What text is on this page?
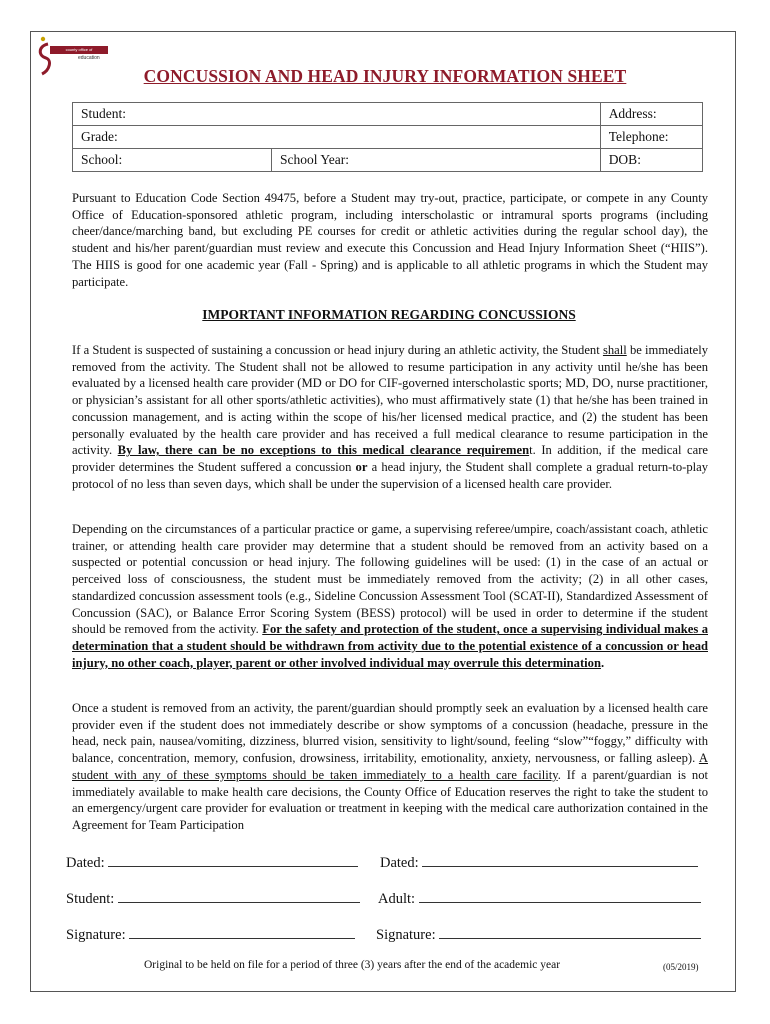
county office of
education
CONCUSSION AND HEAD INJURY INFORMATION SHEET
Student:		Address:
Grade:		Telephone:
School:	School Year:	DOB:

Pursuant to Education Code Section 49475, before a Student may try-out, practice, participate, or compete in any County Office of Education-sponsored athletic program, including interscholastic or intramural sports programs (including cheer/dance/marching band, but excluding PE courses for credit or athletic activities during the regular school day), the student and his/her parent/guardian must review and execute this Concussion and Head Injury Information Sheet (“HIIS”). The HIIS is good for one academic year (Fall - Spring) and is applicable to all athletic programs in which the Student may participate.

IMPORTANT INFORMATION REGARDING CONCUSSIONS

If a Student is suspected of sustaining a concussion or head injury during an athletic activity, the Student shall be immediately removed from the activity. The Student shall not be allowed to resume participation in any activity until he/she has been evaluated by a licensed health care provider (MD or DO for CIF-governed interscholastic sports; MD, DO, nurse practitioner, or physician’s assistant for all other sports/athletic activities), who must affirmatively state (1) that he/she has been trained in concussion management, and is acting within the scope of his/her licensed medical practice, and (2) the student has been personally evaluated by the health care provider and has received a full medical clearance to resume participation in the activity. By law, there can be no exceptions to this medical clearance requirement. In addition, if the medical care provider determines the Student suffered a concussion or a head injury, the Student shall complete a gradual return-to-play protocol of no less than seven days, which shall be under the supervision of a licensed health care provider.

Depending on the circumstances of a particular practice or game, a supervising referee/umpire, coach/assistant coach, athletic trainer, or attending health care provider may determine that a student should be removed from an activity based on a suspected or potential concussion or head injury. The following guidelines will be used: (1) in the case of an actual or perceived loss of consciousness, the student must be immediately removed from the activity; (2) in all other cases, standardized concussion assessment tools (e.g., Sideline Concussion Assessment Tool (SCAT-II), Standardized Assessment of Concussion (SAC), or Balance Error Scoring System (BESS) protocol) will be used in order to determine if the student should be removed from the activity. For the safety and protection of the student, once a supervising individual makes a determination that a student should be withdrawn from activity due to the potential existence of a concussion or head injury, no other coach, player, parent or other involved individual may overrule this determination.

Once a student is removed from an activity, the parent/guardian should promptly seek an evaluation by a licensed health care provider even if the student does not immediately describe or show symptoms of a concussion (headache, pressure in the head, neck pain, nausea/vomiting, dizziness, blurred vision, sensitivity to light/sound, feeling “slow”“foggy,” difficulty with balance, concentration, memory, confusion, drowsiness, irritability, emotionality, anxiety, nervousness, or falling asleep). A student with any of these symptoms should be taken immediately to a health care facility. If a parent/guardian is not immediately available to make health care decisions, the County Office of Education reserves the right to take the student to an emergency/urgent care provider for evaluation or treatment in keeping with the medical care authorization contained in the Agreement for Team Participation

Dated:	Dated:
Student:	Adult:
Signature:	Signature:
Original to be held on file for a period of three (3) years after the end of the academic year	(05/2019)
